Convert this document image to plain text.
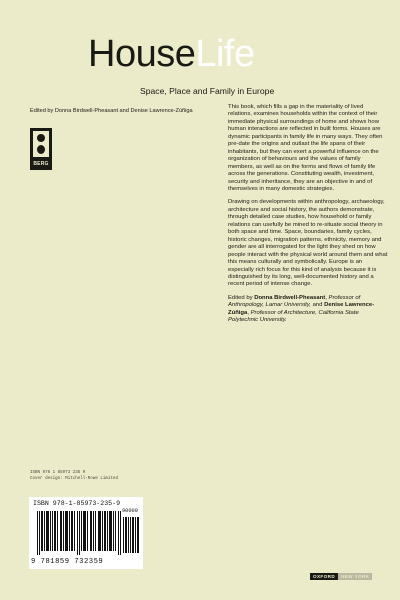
HouseLife
Space, Place and Family in Europe
Edited by Donna Birdwell-Pheasant and Denise Lawrence-Zúñiga
BERG

This book, which fills a gap in the materiality of lived relations, examines households within the context of their immediate physical surroundings of home and shows how human interactions are reflected in built forms. Houses are dynamic participants in family life in many ways. They often pre-date the origins and outlast the life spans of their inhabitants, but they can exert a powerful influence on the organization of behaviours and the values of family members, as well as on the forms and flows of family life across the generations. Constituting wealth, investment, security and inheritance, they are an objective in and of themselves in many domestic strategies.

Drawing on developments within anthropology, archaeology, architecture and social history, the authors demonstrate, through detailed case studies, how household or family relations can usefully be mined to re-situate social theory in both space and time. Space, boundaries, family cycles, historic changes, migration patterns, ethnicity, memory and gender are all interrogated for the light they shed on how people interact with the physical world around them and what this means culturally and symbolically. Europe is an especially rich focus for this kind of analysis because it is distinguished by its long, well-documented history and a recent period of intense change.

Edited by Donna Birdwell-Pheasant, Professor of Anthropology, Lamar University, and Denise Lawrence-Zúñiga, Professor of Architecture, California State Polytechnic University.

ISBN 978 1 85973 235 9
Cover design: Mitchell-Rowe Limited
ISBN 978-1-85973-235-9
90000
9 781859 732359
OXFORD	NEW YORK
